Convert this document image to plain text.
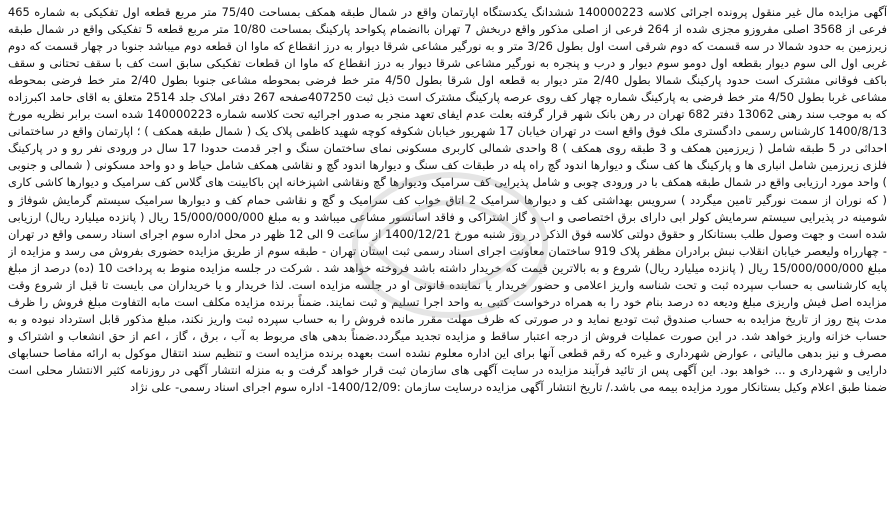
آگهی مزایده مال غیر منقول پرونده اجرائی کلاسه 140000223 ششدانگ یکدستگاه اپارتمان واقع در شمال طبقه همکف بمساحت 75/40 متر مربع قطعه اول تفکیکی به شماره 465 فرعی از 3568 اصلی مفروزو مجزی شده از 264 فرعی از اصلی مذکور واقع دربخش 7 تهران باانضمام پکواحد پارکینگ بمساحت 10/80 متر مربع قطعه 5 تفکیکی واقع در شمال طبقه زیرزمین به حدود شمالا در سه قسمت که دوم شرقی است اول بطول 3/26 متر و به نورگیر مشاعی شرقا دیوار به درز انقطاع که ماوا ان قطعه دوم میباشد جنوبا در چهار قسمت که دوم غربی اول الی سوم دیوار بقطعه اول دومو سوم دیوار و درب و پنجره به نورگیر مشاعی شرقا دیوار به درز انقطاع که ماوا ان قطعات تفکیکی سابق است کف با سقف تحتانی و سقف باکف فوقانی مشترک است حدود پارکینگ شمالا بطول 2/40 متر دیوار به قطعه اول شرقا بطول 4/50 متر خط فرضی بمحوطه مشاعی جنوبا بطول 2/40 متر خط فرضی بمحوطه مشاعی غربا بطول 4/50 متر خط فرضی به پارکینگ شماره چهار کف روی عرصه پارکینگ مشترک است ذیل ثبت 407250صفحه 267 دفتر املاک جلد 2514 متعلق به اقای حامد اکبرزاده که به موجب سند رهنی 13062 دفتر 682 تهران در رهن بانک شهر قرار گرفته بعلت عدم ایفای تعهد منجر به صدور اجرائیه تحت کلاسه شماره 140000223 شده است برابر نظریه مورخ 1400/8/13 کارشناس رسمی دادگستری ملک فوق واقع است در تهران خیابان 17 شهریور خیابان شکوفه کوچه شهید کاظمی پلاک یک ( شمال طبقه همکف ) ؛ اپارتمان واقع در ساختمانی احداثی در 5 طبقه شامل ( زیرزمین همکف و 3 طبقه روی همکف ) 8 واحدی شمالی کاربری مسکونی نمای ساختمان سنگ و اجر قدمت حدودا 17 سال در ورودی نفر رو و در پارکینگ فلزی زیرزمین شامل انباری ها و پارکینگ ها کف سنگ و دیوارها اندود گچ راه پله در طبقات کف سنگ و دیوارها اندود گچ و نقاشی همکف شامل حیاط و دو واحد مسکونی ( شمالی و جنوبی ) واحد مورد ارزیابی واقع در شمال طبقه همکف با در ورودی چوبی و شامل پذیرایی کف سرامیک ودیوارها گچ ونقاشی اشپزخانه اپن باکابینت های گلاس کف سرامیک و دیوارها کاشی کاری ( که نوران از سمت نورگیر تامین میگردد ) سرویس بهداشتی کف و دیوارها سرامیک 2 اتاق خواب کف سرامیک و گچ و نقاشی حمام کف و دیوارها سرامیک سیستم گرمایش شوفاژ و شومینه در پذیرایی سیستم سرمایش کولر ابی دارای برق اختصاصی و اب و گاز اشتراکی و فاقد اسانسور مشاعی میباشد و به مبلغ 15/000/000/000 ریال ( پانزده میلیارد ریال) ارزیابی شده است و جهت وصول طلب بستانکار و حقوق دولتی کلاسه فوق الذکر در روز شنبه مورخ 1400/12/21 از ساعت 9 الی 12 ظهر در محل اداره سوم اجرای اسناد رسمی واقع در تهران - چهارراه ولیعصر خیابان انقلاب نبش برادران مظفر پلاک 919 ساختمان معاونت اجرای اسناد رسمی ثبت استان تهران - طبقه سوم از طریق مزایده حضوری بفروش می رسد و مزایده از مبلغ 15/000/000/000 ریال ( پانزده میلیارد ریال) شروع و به بالاترین قیمت که خریدار داشته باشد فروخته خواهد شد . شرکت در جلسه مزایده منوط به پرداخت 10 (ده) درصد از مبلغ پایه کارشناسی به حساب سپرده ثبت و تحت شناسه واریز اعلامی و حضور خریدار یا نماینده قانونی او در جلسه مزایده است. لذا خریدار و یا خریداران می بایست تا قبل از شروع وقت مزایده اصل فیش واریزی مبلغ ودیعه ده درصد بنام خود را به همراه درخواست کتبی به واحد اجرا تسلیم و ثبت نمایند. ضمناً برنده مزایده مکلف است مابه التفاوت مبلغ فروش را ظرف مدت پنج روز از تاریخ مزایده به حساب صندوق ثبت تودیع نماید و در صورتی که ظرف مهلت مقرر مانده فروش را به حساب سپرده ثبت واریز نکند، مبلغ مذکور قابل استرداد نبوده و به حساب خزانه واریز خواهد شد. در این صورت عملیات فروش از درجه اعتبار ساقط و مزایده تجدید میگردد.ضمناً بدهی های مربوط به آب ، برق ، گاز ، اعم از حق انشعاب و اشتراک و مصرف و نیز بدهی مالیاتی ، عوارض شهرداری و غیره که رقم قطعی آنها برای این اداره معلوم نشده است بعهده برنده مزایده است و تنظیم سند انتقال موکول به ارائه مفاصا حسابهای دارایی و شهرداری و ... خواهد بود. این آگهی پس از تائید فرآیند مزایده در سایت آگهی های سازمان ثبت قرار خواهد گرفت و به منزله انتشار آگهی در روزنامه کثیر الانتشار محلی است ضمنا طبق اعلام وکیل بستانکار مورد مزایده بیمه می باشد./ تاریخ انتشار آگهی مزایده درسایت سازمان :1400/12/09- اداره سوم اجرای اسناد رسمی- علی نژاد
